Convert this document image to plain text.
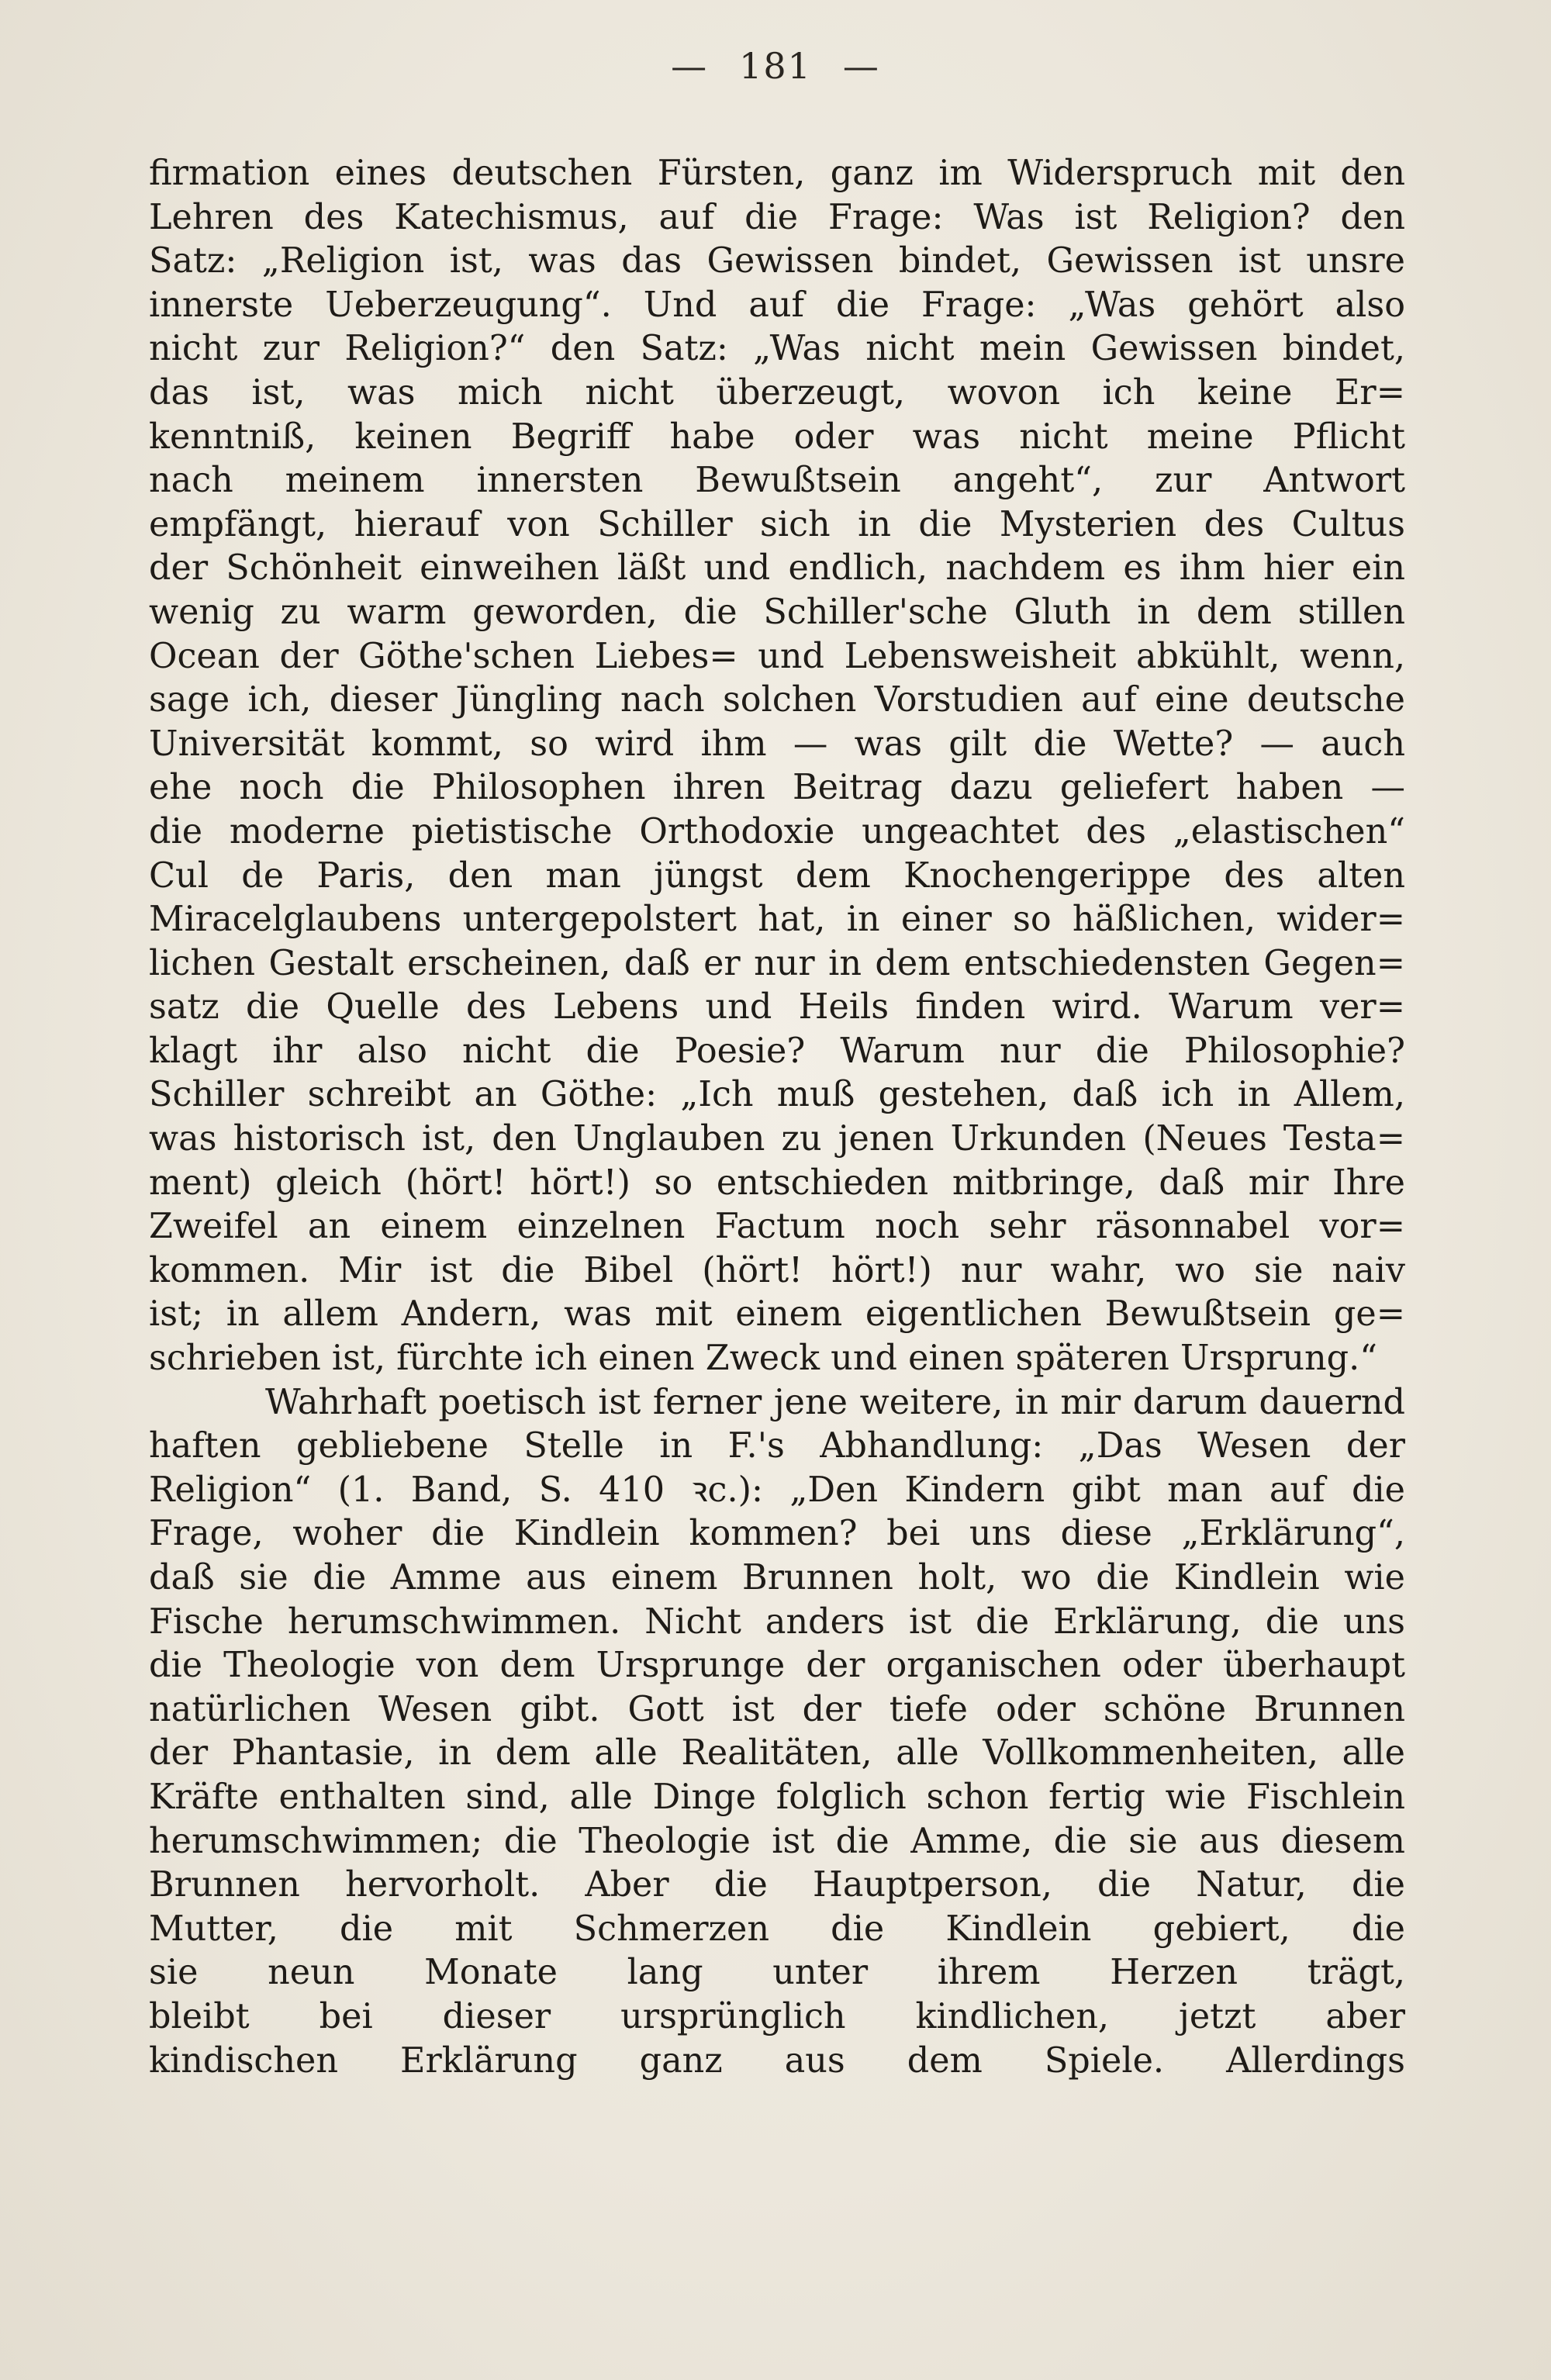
— 181 —
firmation eines deutschen Fürsten, ganz im Widerspruch mit den
Lehren des Katechismus, auf die Frage: Was ist Religion? den
Satz: „Religion ist, was das Gewissen bindet, Gewissen ist unsre
innerste Ueberzeugung“. Und auf die Frage: „Was gehört also
nicht zur Religion?“ den Satz: „Was nicht mein Gewissen bindet,
das ist, was mich nicht überzeugt, wovon ich keine Er=
kenntniß, keinen Begriff habe oder was nicht meine Pflicht
nach meinem innersten Bewußtsein angeht“, zur Antwort
empfängt, hierauf von Schiller sich in die Mysterien des Cultus
der Schönheit einweihen läßt und endlich, nachdem es ihm hier ein
wenig zu warm geworden, die Schiller'sche Gluth in dem stillen
Ocean der Göthe'schen Liebes= und Lebensweisheit abkühlt, wenn,
sage ich, dieser Jüngling nach solchen Vorstudien auf eine deutsche
Universität kommt, so wird ihm — was gilt die Wette? — auch
ehe noch die Philosophen ihren Beitrag dazu geliefert haben —
die moderne pietistische Orthodoxie ungeachtet des „elastischen“
Cul de Paris, den man jüngst dem Knochengerippe des alten
Miracelglaubens untergepolstert hat, in einer so häßlichen, wider=
lichen Gestalt erscheinen, daß er nur in dem entschiedensten Gegen=
satz die Quelle des Lebens und Heils finden wird. Warum ver=
klagt ihr also nicht die Poesie? Warum nur die Philosophie?
Schiller schreibt an Göthe: „Ich muß gestehen, daß ich in Allem,
was historisch ist, den Unglauben zu jenen Urkunden (Neues Testa=
ment) gleich (hört! hört!) so entschieden mitbringe, daß mir Ihre
Zweifel an einem einzelnen Factum noch sehr räsonnabel vor=
kommen. Mir ist die Bibel (hört! hört!) nur wahr, wo sie naiv
ist; in allem Andern, was mit einem eigentlichen Bewußtsein ge=
schrieben ist, fürchte ich einen Zweck und einen späteren Ursprung.“
Wahrhaft poetisch ist ferner jene weitere, in mir darum dauernd
haften gebliebene Stelle in F.'s Abhandlung: „Das Wesen der
Religion“ (1. Band, S. 410 ꝛc.): „Den Kindern gibt man auf die
Frage, woher die Kindlein kommen? bei uns diese „Erklärung“,
daß sie die Amme aus einem Brunnen holt, wo die Kindlein wie
Fische herumschwimmen. Nicht anders ist die Erklärung, die uns
die Theologie von dem Ursprunge der organischen oder überhaupt
natürlichen Wesen gibt. Gott ist der tiefe oder schöne Brunnen
der Phantasie, in dem alle Realitäten, alle Vollkommenheiten, alle
Kräfte enthalten sind, alle Dinge folglich schon fertig wie Fischlein
herumschwimmen; die Theologie ist die Amme, die sie aus diesem
Brunnen hervorholt. Aber die Hauptperson, die Natur, die
Mutter, die mit Schmerzen die Kindlein gebiert, die
sie neun Monate lang unter ihrem Herzen trägt,
bleibt bei dieser ursprünglich kindlichen, jetzt aber
kindischen Erklärung ganz aus dem Spiele. Allerdings
